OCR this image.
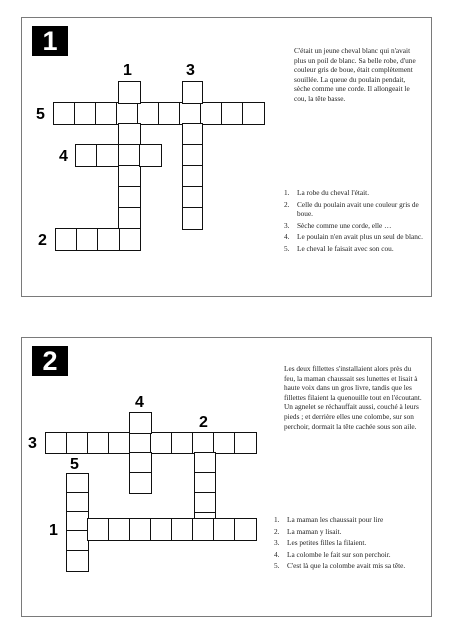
1
1	3
5
4
2

C'était un jeune cheval blanc qui n'avait plus un poil de blanc. Sa belle robe, d'une couleur gris de boue, était complètement souillée. La queue du poulain pendait, sèche comme une corde. Il allongeait le cou, la tête basse.

1. La robe du cheval l'était.
2. Celle du poulain avait une couleur gris de boue.
3. Sèche comme une corde, elle …
4. Le poulain n'en avait plus un seul de blanc.
5. Le cheval le faisait avec son cou.
2
4
2
3
5
1

Les deux fillettes s'installaient alors près du feu, la maman chaussait ses lunettes et lisait à haute voix dans un gros livre, tandis que les fillettes filaient la quenouille tout en l'écoutant. Un agnelet se réchauffait aussi, couché à leurs pieds ; et derrière elles une colombe, sur son perchoir, dormait la tête cachée sous son aile.

1. La maman les chaussait pour lire
2. La maman y lisait.
3. Les petites filles la filaient.
4. La colombe le fait sur son perchoir.
5. C'est là que la colombe avait mis sa tête.
